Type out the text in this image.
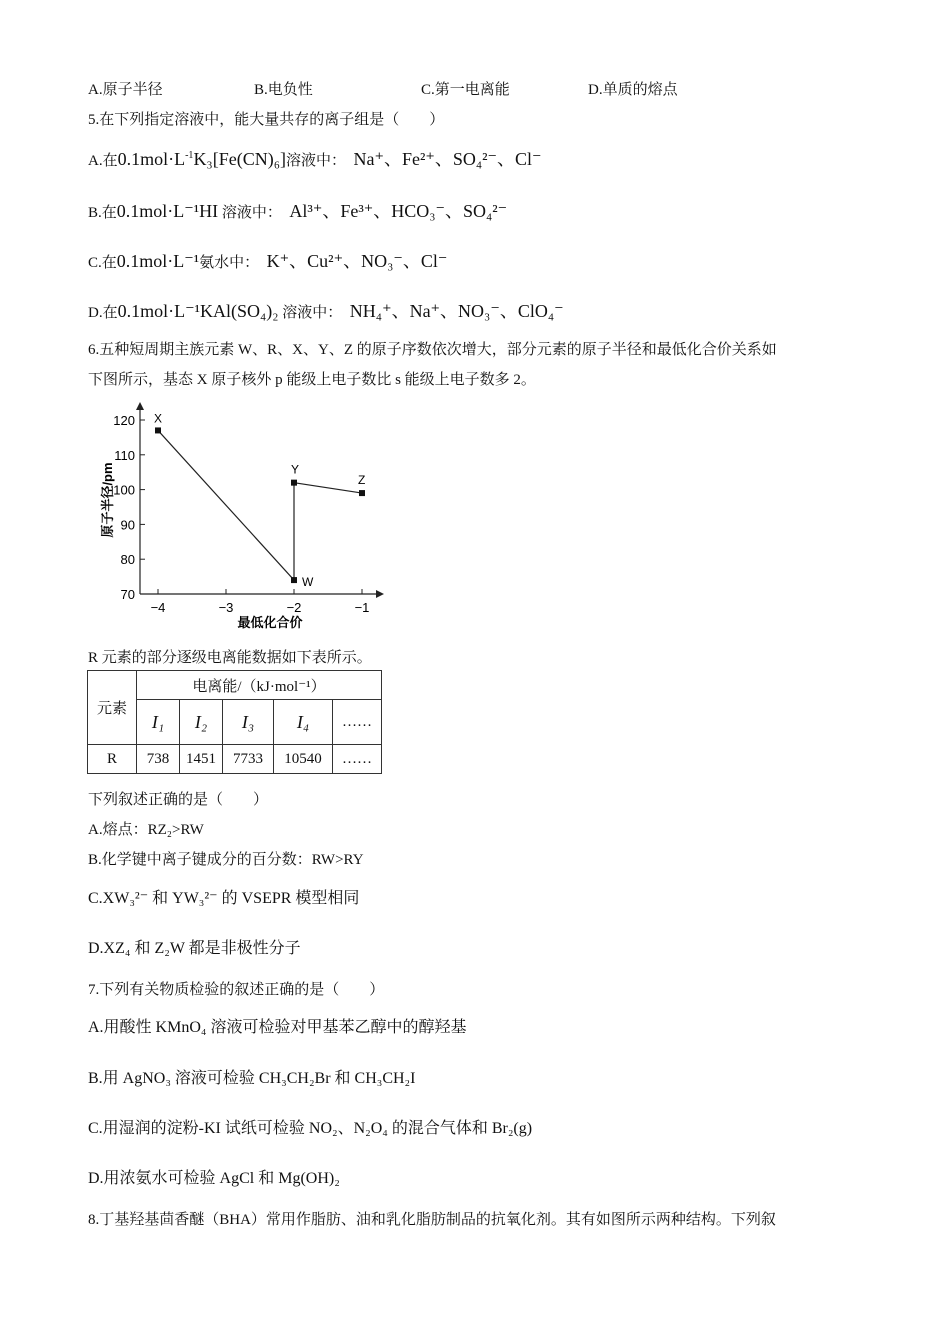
A.原子半径	B.电负性	C.第一电离能	D.单质的熔点
5.在下列指定溶液中，能大量共存的离子组是（　　）
A.在$0.1mol\cdot L^{-1}K_3[Fe(CN)_6]$溶液中： Na⁺、Fe²⁺、SO₄²⁻、Cl⁻
B.在0.1mol·L⁻¹HI 溶液中： Al³⁺、Fe³⁺、HCO₃⁻、SO₄²⁻
C.在0.1mol·L⁻¹氨水中： K⁺、Cu²⁺、NO₃⁻、Cl⁻
D.在0.1mol·L⁻¹KAl(SO₄)₂ 溶液中： NH₄⁺、Na⁺、NO₃⁻、ClO₄⁻
6.五种短周期主族元素 W、R、X、Y、Z 的原子序数依次增大，部分元素的原子半径和最低化合价关系如
下图所示，基态 X 原子核外 p 能级上电子数比 s 能级上电子数多 2。
70
80
90
100
110
120
−4	−3	−2	−1
最低化合价
原子半径/pm
X
W
Y
Z
R 元素的部分逐级电离能数据如下表所示。
元素	电离能/（kJ·mol⁻¹）				
	I₁	I₂	I₃	I₄	……
R	738	1451	7733	10540	……
下列叙述正确的是（　　）
A.熔点：RZ₂>RW
B.化学键中离子键成分的百分数：RW>RY
C.XW₃²⁻ 和 YW₃²⁻ 的 VSEPR 模型相同
D.XZ₄ 和 Z₂W 都是非极性分子
7.下列有关物质检验的叙述正确的是（　　）
A.用酸性 KMnO₄ 溶液可检验对甲基苯乙醇中的醇羟基
B.用 AgNO₃ 溶液可检验 CH₃CH₂Br 和 CH₃CH₂I
C.用湿润的淀粉-KI 试纸可检验 NO₂、N₂O₄ 的混合气体和 Br₂(g)
D.用浓氨水可检验 AgCl 和 Mg(OH)₂
8.丁基羟基茴香醚（BHA）常用作脂肪、油和乳化脂肪制品的抗氧化剂。其有如图所示两种结构。下列叙
